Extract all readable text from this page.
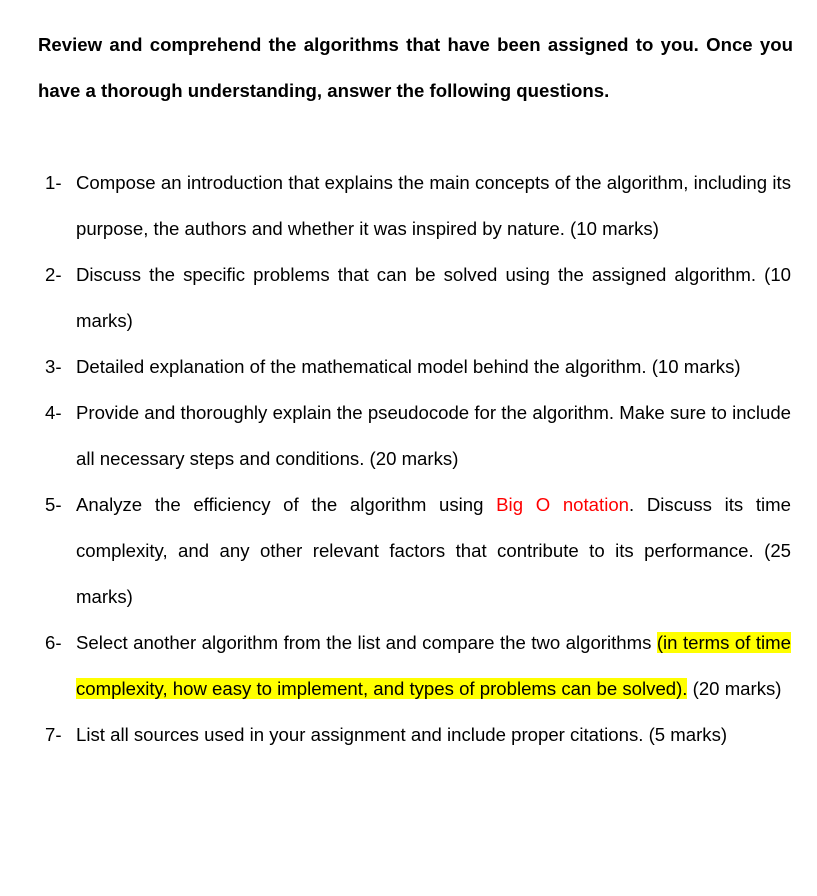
Review and comprehend the algorithms that have been assigned to you. Once you have a thorough understanding, answer the following questions.

1- Compose an introduction that explains the main concepts of the algorithm, including its purpose, the authors and whether it was inspired by nature. (10 marks)
2- Discuss the specific problems that can be solved using the assigned algorithm. (10 marks)
3- Detailed explanation of the mathematical model behind the algorithm. (10 marks)
4- Provide and thoroughly explain the pseudocode for the algorithm. Make sure to include all necessary steps and conditions. (20 marks)
5- Analyze the efficiency of the algorithm using Big O notation. Discuss its time complexity, and any other relevant factors that contribute to its performance. (25 marks)
6- Select another algorithm from the list and compare the two algorithms (in terms of time complexity, how easy to implement, and types of problems can be solved). (20 marks)
7- List all sources used in your assignment and include proper citations. (5 marks)
